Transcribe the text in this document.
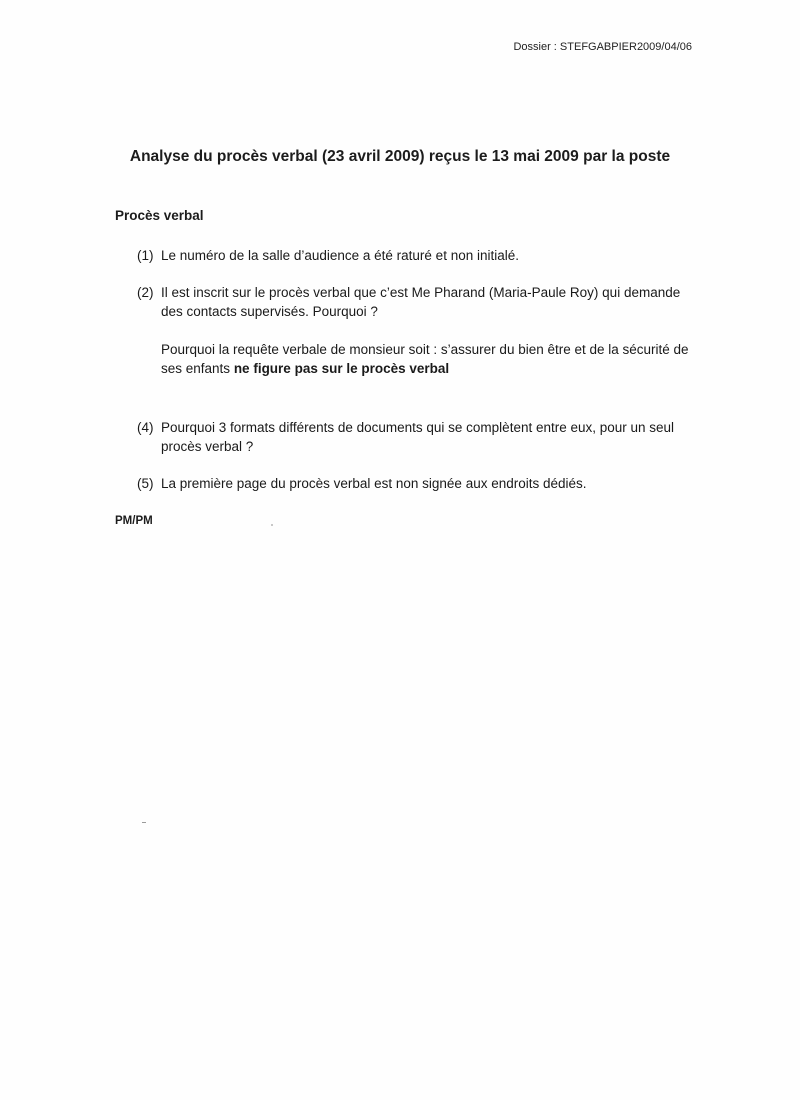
Dossier : STEFGABPIER2009/04/06
Analyse du procès verbal (23 avril 2009) reçus le 13 mai 2009 par la poste
Procès verbal
(1) Le numéro de la salle d’audience a été raturé et non initialé.
(2) Il est inscrit sur le procès verbal que c’est Me Pharand (Maria-Paule Roy) qui demande des contacts supervisés. Pourquoi ?
Pourquoi la requête verbale de monsieur soit : s’assurer du bien être et de la sécurité de ses enfants ne figure pas sur le procès verbal
(4) Pourquoi 3 formats différents de documents qui se complètent entre eux, pour un seul procès verbal ?
(5) La première page du procès verbal est non signée aux endroits dédiés.
PM/PM
